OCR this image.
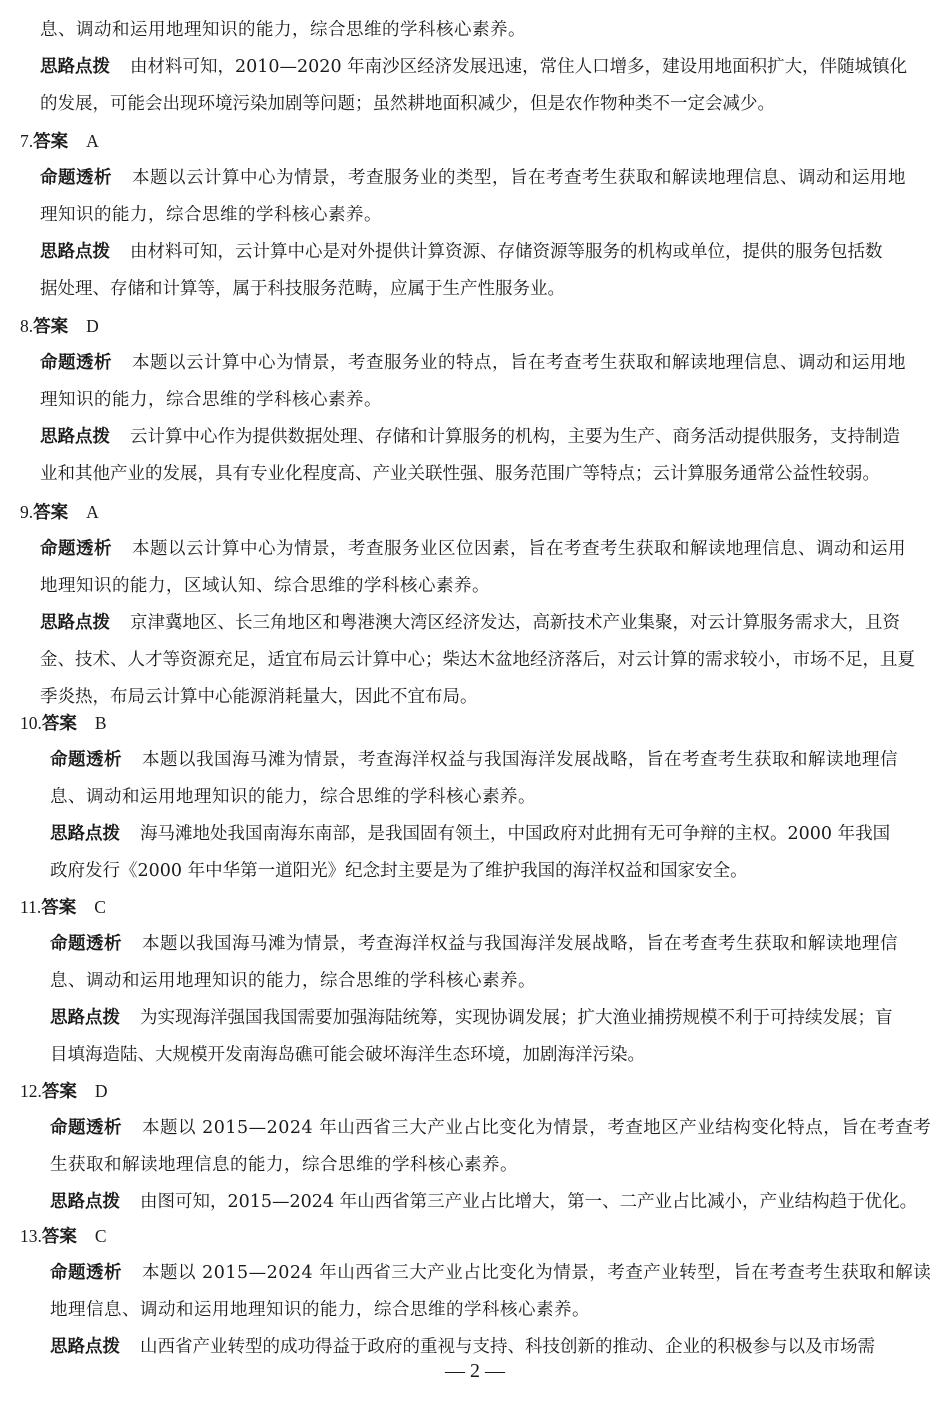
息、调动和运用地理知识的能力，综合思维的学科核心素养。
思路点拨 由材料可知，2010—2020 年南沙区经济发展迅速，常住人口增多，建设用地面积扩大，伴随城镇化
的发展，可能会出现环境污染加剧等问题；虽然耕地面积减少，但是农作物种类不一定会减少。
7.答案 A
命题透析 本题以云计算中心为情景，考查服务业的类型，旨在考查考生获取和解读地理信息、调动和运用地
理知识的能力，综合思维的学科核心素养。
思路点拨 由材料可知，云计算中心是对外提供计算资源、存储资源等服务的机构或单位，提供的服务包括数
据处理、存储和计算等，属于科技服务范畴，应属于生产性服务业。
8.答案 D
命题透析 本题以云计算中心为情景，考查服务业的特点，旨在考查考生获取和解读地理信息、调动和运用地
理知识的能力，综合思维的学科核心素养。
思路点拨 云计算中心作为提供数据处理、存储和计算服务的机构，主要为生产、商务活动提供服务，支持制造
业和其他产业的发展，具有专业化程度高、产业关联性强、服务范围广等特点；云计算服务通常公益性较弱。
9.答案 A
命题透析 本题以云计算中心为情景，考查服务业区位因素，旨在考查考生获取和解读地理信息、调动和运用
地理知识的能力，区域认知、综合思维的学科核心素养。
思路点拨 京津冀地区、长三角地区和粤港澳大湾区经济发达，高新技术产业集聚，对云计算服务需求大，且资
金、技术、人才等资源充足，适宜布局云计算中心；柴达木盆地经济落后，对云计算的需求较小，市场不足，且夏
季炎热，布局云计算中心能源消耗量大，因此不宜布局。
10.答案 B
命题透析 本题以我国海马滩为情景，考查海洋权益与我国海洋发展战略，旨在考查考生获取和解读地理信
息、调动和运用地理知识的能力，综合思维的学科核心素养。
思路点拨 海马滩地处我国南海东南部，是我国固有领土，中国政府对此拥有无可争辩的主权。2000 年我国
政府发行《2000 年中华第一道阳光》纪念封主要是为了维护我国的海洋权益和国家安全。
11.答案 C
命题透析 本题以我国海马滩为情景，考查海洋权益与我国海洋发展战略，旨在考查考生获取和解读地理信
息、调动和运用地理知识的能力，综合思维的学科核心素养。
思路点拨 为实现海洋强国我国需要加强海陆统筹，实现协调发展；扩大渔业捕捞规模不利于可持续发展；盲
目填海造陆、大规模开发南海岛礁可能会破坏海洋生态环境，加剧海洋污染。
12.答案 D
命题透析 本题以 2015—2024 年山西省三大产业占比变化为情景，考查地区产业结构变化特点，旨在考查考
生获取和解读地理信息的能力，综合思维的学科核心素养。
思路点拨 由图可知，2015—2024 年山西省第三产业占比增大，第一、二产业占比减小，产业结构趋于优化。
13.答案 C
命题透析 本题以 2015—2024 年山西省三大产业占比变化为情景，考查产业转型，旨在考查考生获取和解读
地理信息、调动和运用地理知识的能力，综合思维的学科核心素养。
思路点拨 山西省产业转型的成功得益于政府的重视与支持、科技创新的推动、企业的积极参与以及市场需
— 2 —
